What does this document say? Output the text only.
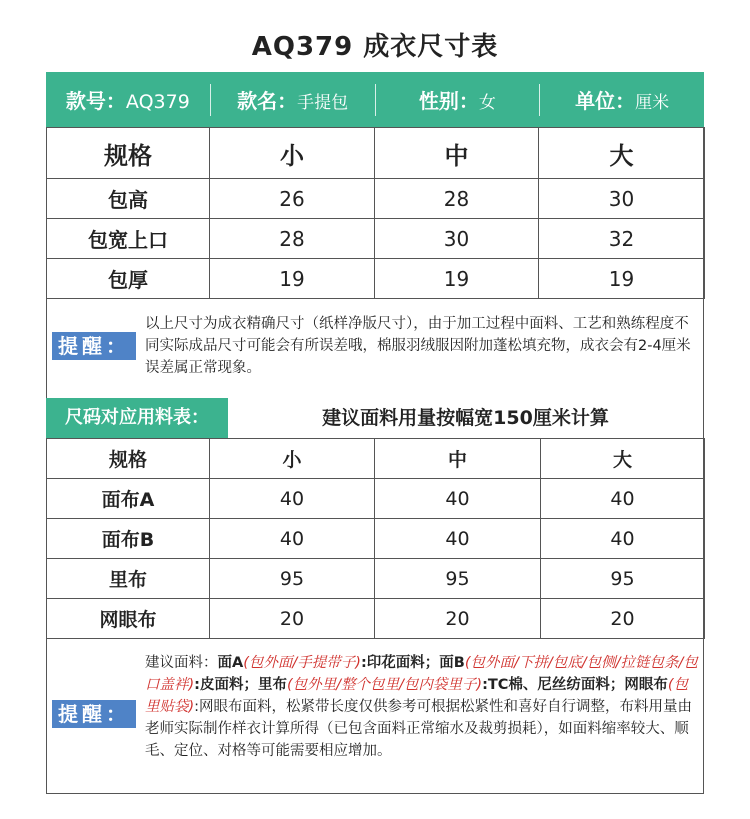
AQ379 成衣尺寸表
款号：AQ379	款名：手提包	性别：女	单位：厘米
规格	小	中	大
包高	26	28	30
包宽上口	28	30	32
包厚	19	19	19
提醒：
以上尺寸为成衣精确尺寸（纸样净版尺寸），由于加工过程中面料、工艺和熟练程度不同实际成品尺寸可能会有所误差哦，棉服羽绒服因附加蓬松填充物，成衣会有2-4厘米误差属正常现象。
尺码对应用料表：	建议面料用量按幅宽150厘米计算
规格	小	中	大
面布A	40	40	40
面布B	40	40	40
里布	95	95	95
网眼布	20	20	20
提醒：
建议面料：面A(包外面/手提带子):印花面料；面B(包外面/下拼/包底/包侧/拉链包条/包口盖袢):皮面料；里布(包外里/整个包里/包内袋里子):TC棉、尼丝纺面料；网眼布(包里贴袋):网眼布面料，松紧带长度仅供参考可根据松紧性和喜好自行调整，布料用量由老师实际制作样衣计算所得（已包含面料正常缩水及裁剪损耗），如面料缩率较大、顺毛、定位、对格等可能需要相应增加。
